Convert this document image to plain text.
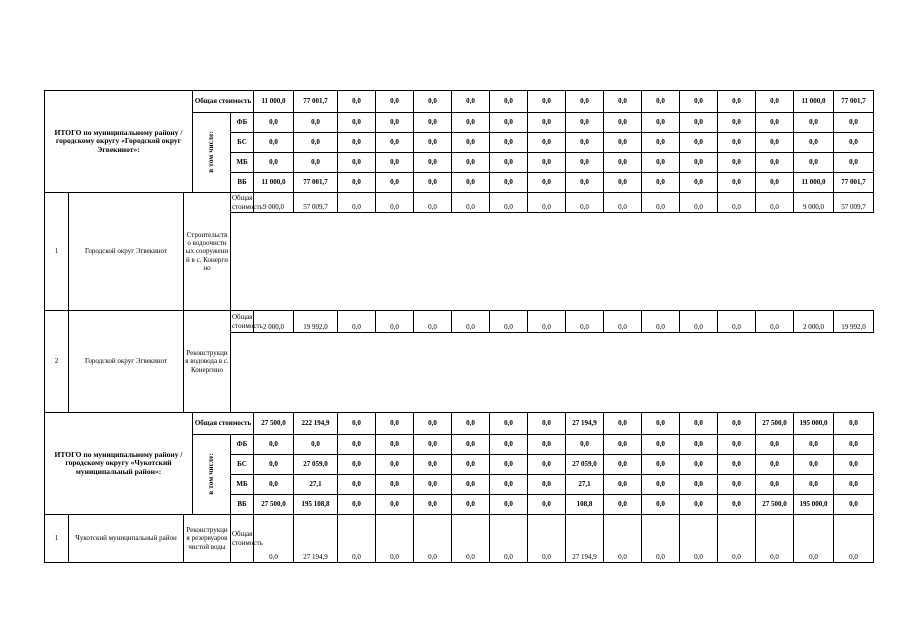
ИТОГО по муниципальному району / городскому округу «Городской округ Эгвекинот»:			Общая стоимость		11 000,0	77 001,7	0,0	0,0	0,0	0,0	0,0	0,0	0,0	0,0	0,0	0,0	0,0	0,0	11 000,0	77 001,7
			в том числе:	ФБ	0,0	0,0	0,0	0,0	0,0	0,0	0,0	0,0	0,0	0,0	0,0	0,0	0,0	0,0	0,0	0,0
				БС	0,0	0,0	0,0	0,0	0,0	0,0	0,0	0,0	0,0	0,0	0,0	0,0	0,0	0,0	0,0	0,0
				МБ	0,0	0,0	0,0	0,0	0,0	0,0	0,0	0,0	0,0	0,0	0,0	0,0	0,0	0,0	0,0	0,0
				ВБ	11 000,0	77 001,7	0,0	0,0	0,0	0,0	0,0	0,0	0,0	0,0	0,0	0,0	0,0	0,0	11 000,0	77 001,7
1	Городской округ Эгвекинот	Строительство водоочистных сооружений в с. Конергино		Общая стоимость	9 000,0	57 009,7	0,0	0,0	0,0	0,0	0,0	0,0	0,0	0,0	0,0	0,0	0,0	0,0	9 000,0	57 009,7

2	Городской округ Эгвекинот	Реконструкция водовода в с. Конергино		Общая стоимость	2 000,0	19 992,0	0,0	0,0	0,0	0,0	0,0	0,0	0,0	0,0	0,0	0,0	0,0	0,0	2 000,0	19 992,0

ИТОГО по муниципальному району / городскому округу «Чукотский муниципальный район»:			Общая стоимость		27 500,0	222 194,9	0,0	0,0	0,0	0,0	0,0	0,0	27 194,9	0,0	0,0	0,0	0,0	27 500,0	195 000,0	0,0
			в том числе:	ФБ	0,0	0,0	0,0	0,0	0,0	0,0	0,0	0,0	0,0	0,0	0,0	0,0	0,0	0,0	0,0	0,0
				БС	0,0	27 059,0	0,0	0,0	0,0	0,0	0,0	0,0	27 059,0	0,0	0,0	0,0	0,0	0,0	0,0	0,0
				МБ	0,0	27,1	0,0	0,0	0,0	0,0	0,0	0,0	27,1	0,0	0,0	0,0	0,0	0,0	0,0	0,0
				ВБ	27 500,0	195 108,8	0,0	0,0	0,0	0,0	0,0	0,0	108,8	0,0	0,0	0,0	0,0	27 500,0	195 000,0	0,0
1	Чукотский муниципальный район	Реконструкция резервуаров чистой воды		Общая стоимость	0,0	27 194,9	0,0	0,0	0,0	0,0	0,0	0,0	27 194,9	0,0	0,0	0,0	0,0	0,0	0,0	0,0
